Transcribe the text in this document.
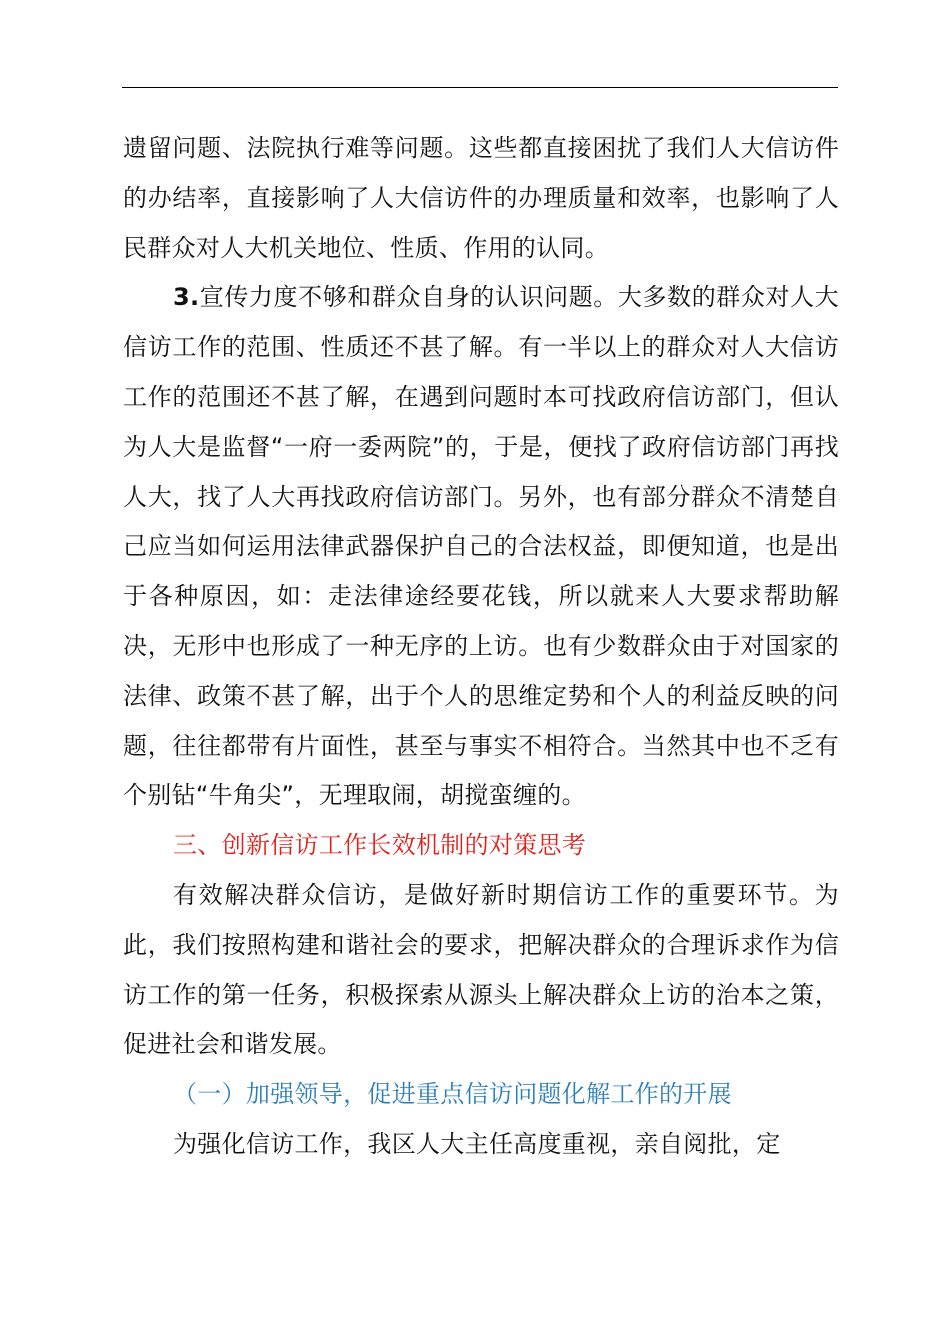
遗留问题、法院执行难等问题。这些都直接困扰了我们人大信访件的办结率，直接影响了人大信访件的办理质量和效率，也影响了人民群众对人大机关地位、性质、作用的认同。

3.宣传力度不够和群众自身的认识问题。大多数的群众对人大信访工作的范围、性质还不甚了解。有一半以上的群众对人大信访工作的范围还不甚了解，在遇到问题时本可找政府信访部门，但认为人大是监督“一府一委两院”的，于是，便找了政府信访部门再找人大，找了人大再找政府信访部门。另外，也有部分群众不清楚自己应当如何运用法律武器保护自己的合法权益，即便知道，也是出于各种原因，如：走法律途经要花钱，所以就来人大要求帮助解决，无形中也形成了一种无序的上访。也有少数群众由于对国家的法律、政策不甚了解，出于个人的思维定势和个人的利益反映的问题，往往都带有片面性，甚至与事实不相符合。当然其中也不乏有个别钻“牛角尖”，无理取闹，胡搅蛮缠的。

三、创新信访工作长效机制的对策思考

有效解决群众信访，是做好新时期信访工作的重要环节。为此，我们按照构建和谐社会的要求，把解决群众的合理诉求作为信访工作的第一任务，积极探索从源头上解决群众上访的治本之策，促进社会和谐发展。

（一）加强领导，促进重点信访问题化解工作的开展

为强化信访工作，我区人大主任高度重视，亲自阅批，定
